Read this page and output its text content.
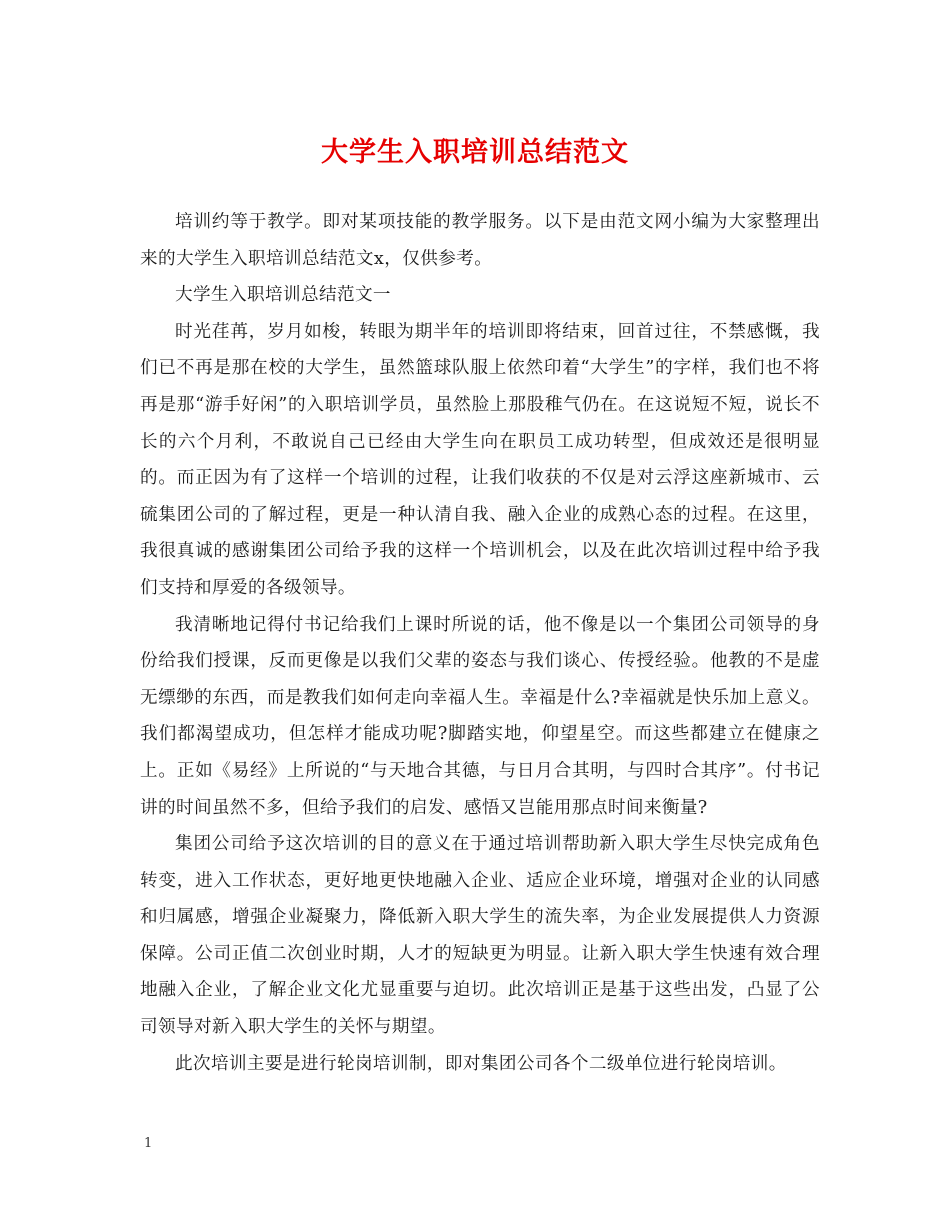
大学生入职培训总结范文

培训约等于教学。即对某项技能的教学服务。以下是由范文网小编为大家整理出来的大学生入职培训总结范文x，仅供参考。

大学生入职培训总结范文一

时光荏苒，岁月如梭，转眼为期半年的培训即将结束，回首过往，不禁感慨，我们已不再是那在校的大学生，虽然篮球队服上依然印着“大学生”的字样，我们也不将再是那“游手好闲”的入职培训学员，虽然脸上那股稚气仍在。在这说短不短，说长不长的六个月利，不敢说自己已经由大学生向在职员工成功转型，但成效还是很明显的。而正因为有了这样一个培训的过程，让我们收获的不仅是对云浮这座新城市、云硫集团公司的了解过程，更是一种认清自我、融入企业的成熟心态的过程。在这里，我很真诚的感谢集团公司给予我的这样一个培训机会，以及在此次培训过程中给予我们支持和厚爱的各级领导。

我清晰地记得付书记给我们上课时所说的话，他不像是以一个集团公司领导的身份给我们授课，反而更像是以我们父辈的姿态与我们谈心、传授经验。他教的不是虚无缥缈的东西，而是教我们如何走向幸福人生。幸福是什么?幸福就是快乐加上意义。我们都渴望成功，但怎样才能成功呢?脚踏实地，仰望星空。而这些都建立在健康之上。正如《易经》上所说的“与天地合其德，与日月合其明，与四时合其序”。付书记讲的时间虽然不多，但给予我们的启发、感悟又岂能用那点时间来衡量?

集团公司给予这次培训的目的意义在于通过培训帮助新入职大学生尽快完成角色转变，进入工作状态，更好地更快地融入企业、适应企业环境，增强对企业的认同感和归属感，增强企业凝聚力，降低新入职大学生的流失率，为企业发展提供人力资源保障。公司正值二次创业时期，人才的短缺更为明显。让新入职大学生快速有效合理地融入企业，了解企业文化尤显重要与迫切。此次培训正是基于这些出发，凸显了公司领导对新入职大学生的关怀与期望。

此次培训主要是进行轮岗培训制，即对集团公司各个二级单位进行轮岗培训。

1
